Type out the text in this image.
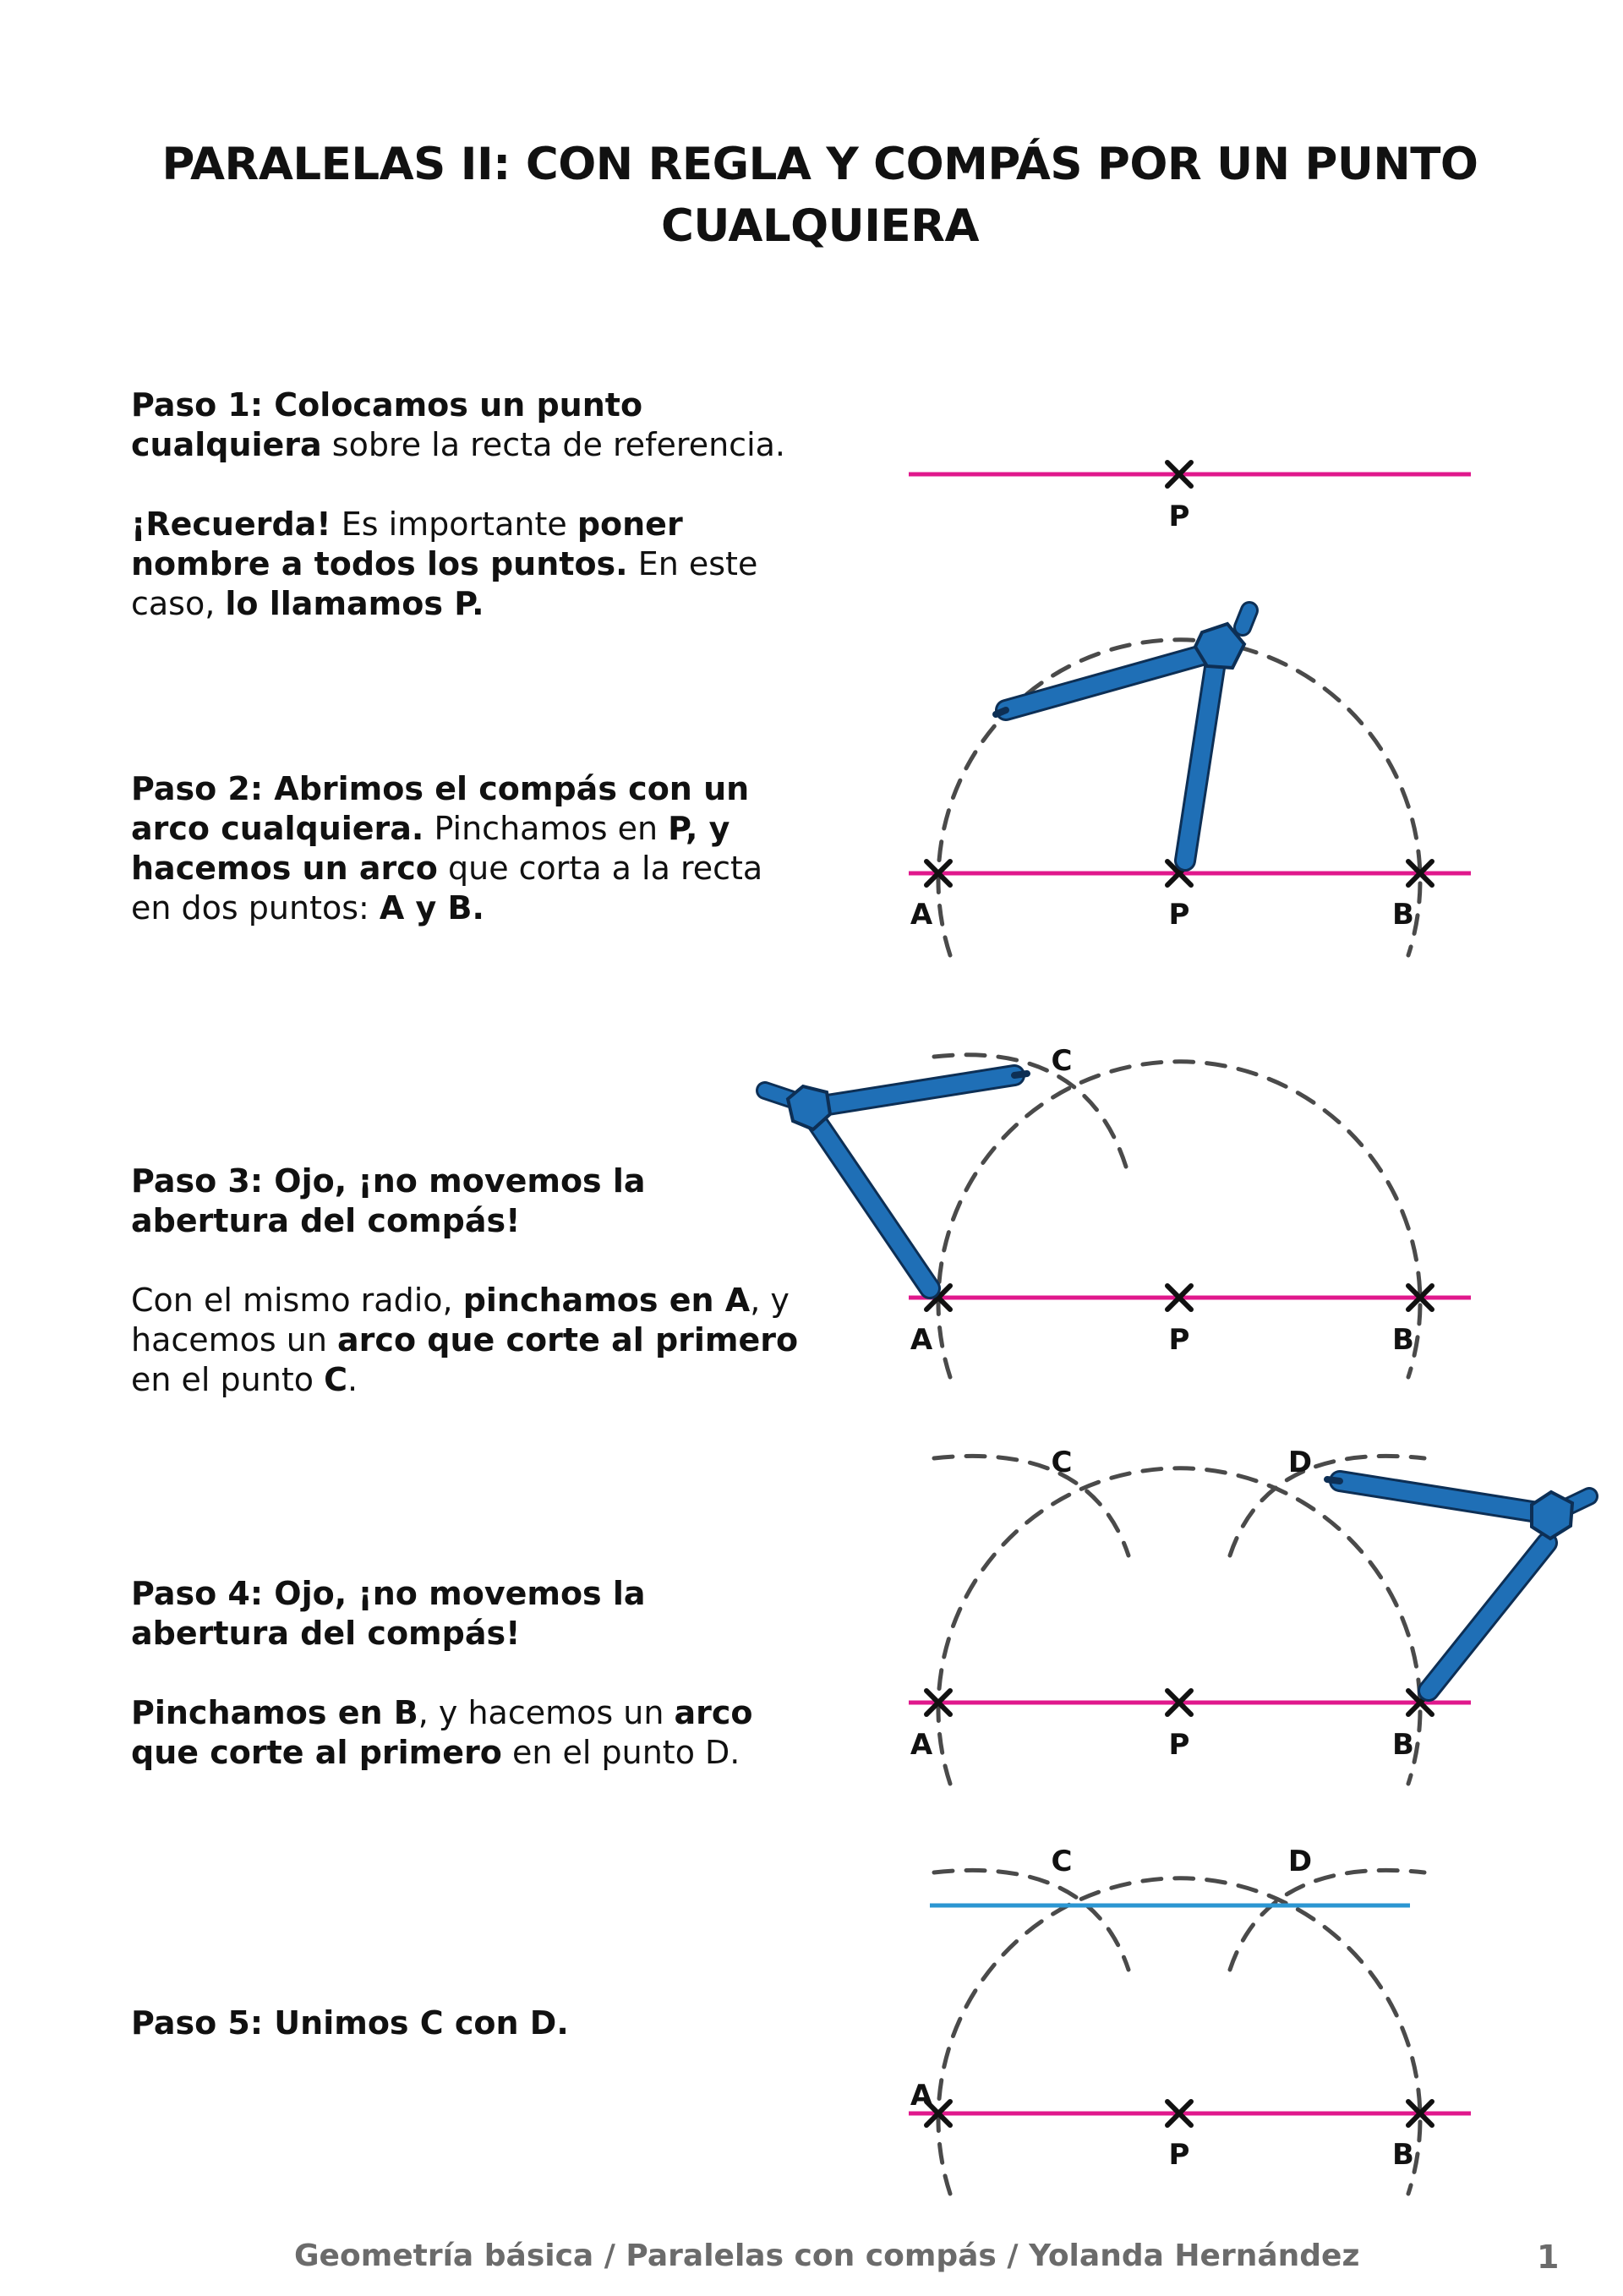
PARALELAS II: CON REGLA Y COMPÁS POR UN PUNTO
CUALQUIERA

Paso 1: Colocamos un punto cualquiera sobre la recta de referencia.

¡Recuerda! Es importante poner nombre a todos los puntos. En este caso, lo llamamos P.

Paso 2: Abrimos el compás con un arco cualquiera. Pinchamos en P, y hacemos un arco que corta a la recta en dos puntos: A y B.

Paso 3: Ojo, ¡no movemos la abertura del compás!

Con el mismo radio, pinchamos en A, y hacemos un arco que corte al primero en el punto C.

Paso 4: Ojo, ¡no movemos la abertura del compás!

Pinchamos en B, y hacemos un arco que corte al primero en el punto D.

Paso 5: Unimos C con D.

P
A	P	B
A	P	B
C
A	P	B
C	D
A
P	B
C	D
Geometría básica / Paralelas con compás / Yolanda Hernández	1
